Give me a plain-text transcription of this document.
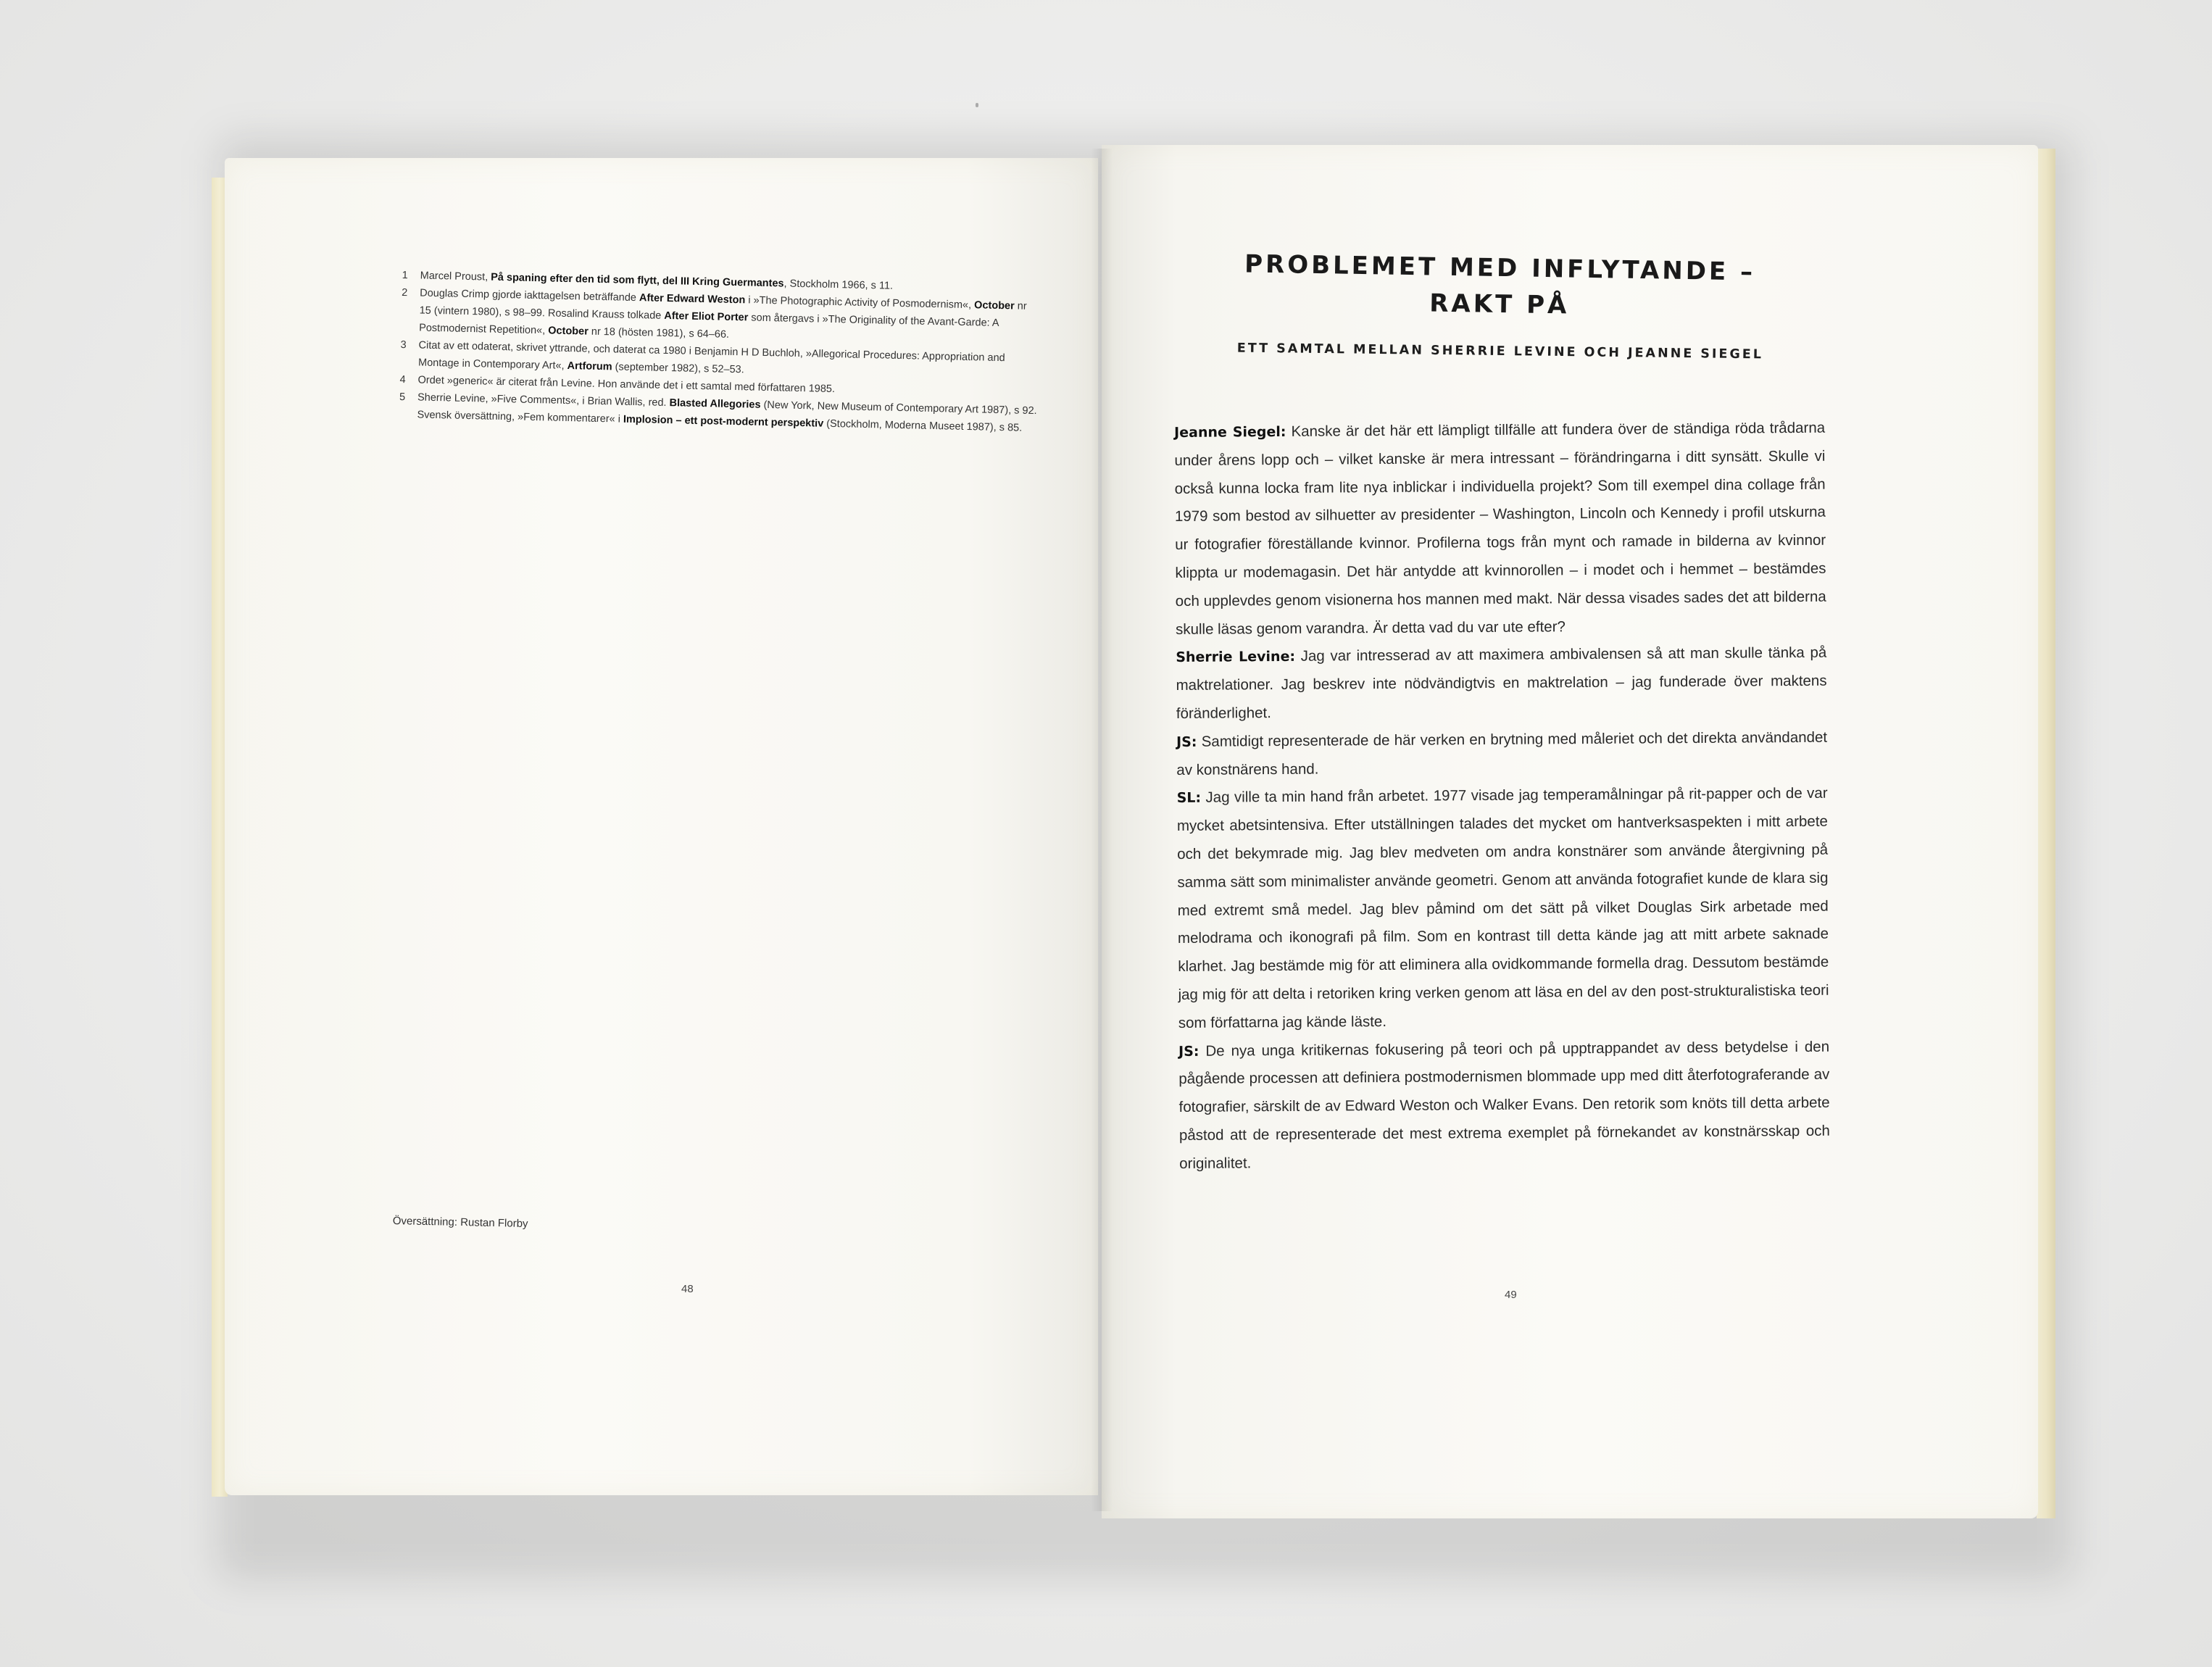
1 Marcel Proust, På spaning efter den tid som flytt, del III Kring Guermantes, Stockholm 1966, s 11.
2 Douglas Crimp gjorde iakttagelsen beträffande After Edward Weston i »The Photographic Activity of Posmodernism«, October nr 15 (vintern 1980), s 98–99. Rosalind Krauss tolkade After Eliot Porter som återgavs i »The Originality of the Avant-Garde: A Postmodernist Repetition«, October nr 18 (hösten 1981), s 64–66.
3 Citat av ett odaterat, skrivet yttrande, och daterat ca 1980 i Benjamin H D Buchloh, »Allegorical Procedures: Appropriation and Montage in Contemporary Art«, Artforum (september 1982), s 52–53.
4 Ordet »generic« är citerat från Levine. Hon använde det i ett samtal med författaren 1985.
5 Sherrie Levine, »Five Comments«, i Brian Wallis, red. Blasted Allegories (New York, New Museum of Contemporary Art 1987), s 92. Svensk översättning, »Fem kommentarer« i Implosion – ett post-modernt perspektiv (Stockholm, Moderna Museet 1987), s 85.
Översättning: Rustan Florby
48
PROBLEMET MED INFLYTANDE –
RAKT PÅ
ETT SAMTAL MELLAN SHERRIE LEVINE OCH JEANNE SIEGEL

Jeanne Siegel: Kanske är det här ett lämpligt tillfälle att fundera över de ständiga röda trådarna under årens lopp och – vilket kanske är mera intressant – förändringarna i ditt synsätt. Skulle vi också kunna locka fram lite nya inblickar i individuella projekt? Som till exempel dina collage från 1979 som bestod av silhuetter av presidenter – Washington, Lincoln och Kennedy i profil utskurna ur fotografier föreställande kvinnor. Profilerna togs från mynt och ramade in bilderna av kvinnor klippta ur modemagasin. Det här antydde att kvinnorollen – i modet och i hemmet – bestämdes och upplevdes genom visionerna hos mannen med makt. När dessa visades sades det att bilderna skulle läsas genom varandra. Är detta vad du var ute efter?

Sherrie Levine: Jag var intresserad av att maximera ambivalensen så att man skulle tänka på maktrelationer. Jag beskrev inte nödvändigtvis en maktrelation – jag funderade över maktens föränderlighet.

JS: Samtidigt representerade de här verken en brytning med måleriet och det direkta användandet av konstnärens hand.

SL: Jag ville ta min hand från arbetet. 1977 visade jag temperamålningar på rit-papper och de var mycket abetsintensiva. Efter utställningen talades det mycket om hantverksaspekten i mitt arbete och det bekymrade mig. Jag blev medveten om andra konstnärer som använde återgivning på samma sätt som minimalister använde geometri. Genom att använda fotografiet kunde de klara sig med extremt små medel. Jag blev påmind om det sätt på vilket Douglas Sirk arbetade med melodrama och ikonografi på film. Som en kontrast till detta kände jag att mitt arbete saknade klarhet. Jag bestämde mig för att eliminera alla ovidkommande formella drag. Dessutom bestämde jag mig för att delta i retoriken kring verken genom att läsa en del av den post-strukturalistiska teori som författarna jag kände läste.

JS: De nya unga kritikernas fokusering på teori och på upptrappandet av dess betydelse i den pågående processen att definiera postmodernismen blommade upp med ditt återfotograferande av fotografier, särskilt de av Edward Weston och Walker Evans. Den retorik som knöts till detta arbete påstod att de representerade det mest extrema exemplet på förnekandet av konstnärsskap och originalitet.

49
